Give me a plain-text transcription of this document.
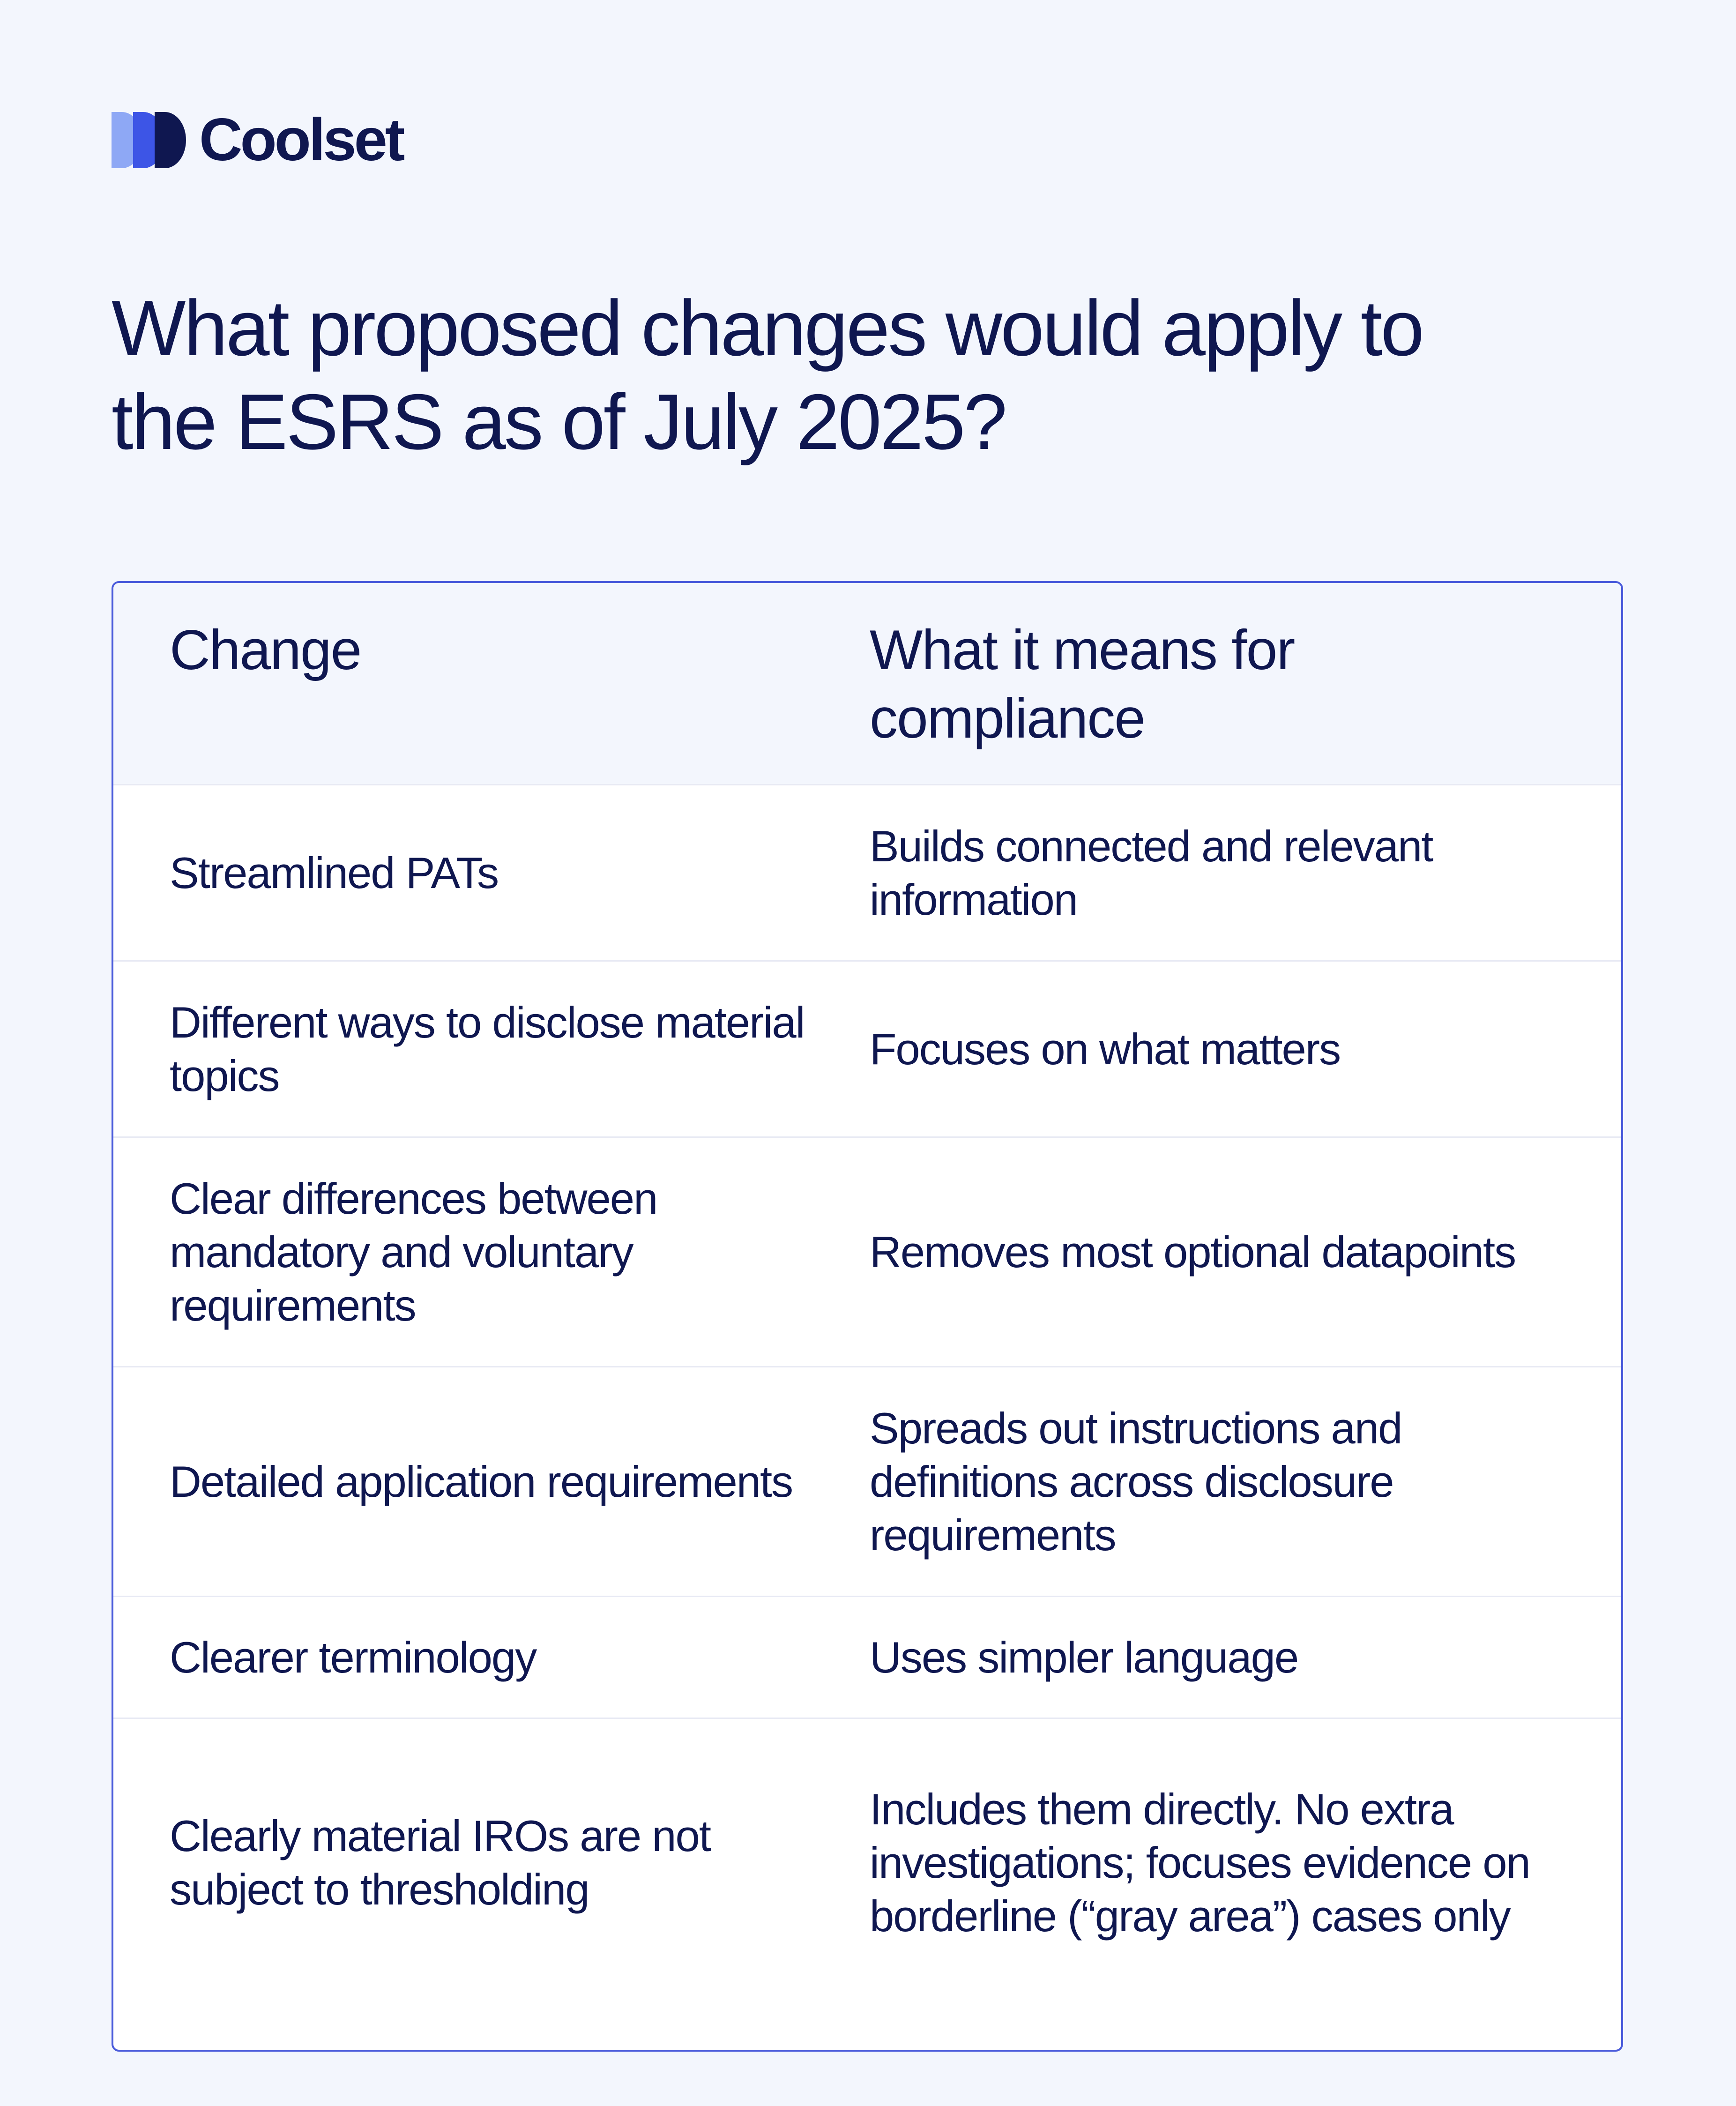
Coolset
What proposed changes would apply to
the ESRS as of July 2025?
Change	What it means for compliance
Streamlined PATs
Builds connected and relevant information
Different ways to disclose material topics
Focuses on what matters
Clear differences between mandatory and voluntary requirements
Removes most optional datapoints
Detailed application requirements
Spreads out instructions and definitions across disclosure requirements
Clearer terminology	Uses simpler language
Clearly material IROs are not subject to thresholding
Includes them directly. No extra investigations; focuses evidence on borderline (“gray area”) cases only
